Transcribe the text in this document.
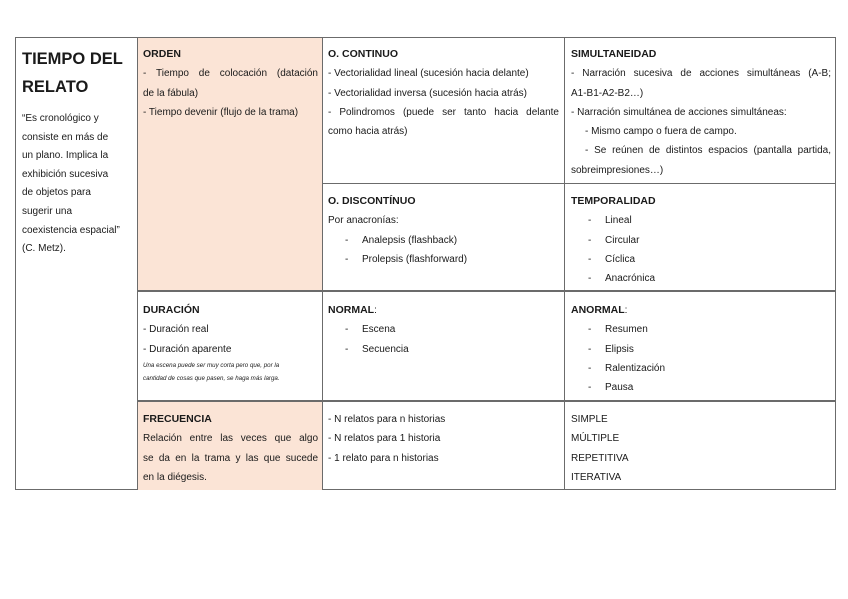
TIEMPO DEL
RELATO
“Es cronológico y
consiste en más de
un plano. Implica la
exhibición sucesiva
de objetos para
sugerir una
coexistencia espacial”
(C. Metz).
ORDEN
- Tiempo de colocación (datación
de la fábula)
- Tiempo devenir (flujo de la trama)
O. CONTINUO
- Vectorialidad lineal (sucesión hacia delante)
- Vectorialidad inversa (sucesión hacia atrás)
- Polindromos (puede ser tanto hacia delante
como hacia atrás)
SIMULTANEIDAD
- Narración sucesiva de acciones simultáneas (A-B;
A1-B1-A2-B2…)
- Narración simultánea de acciones simultáneas:
- Mismo campo o fuera de campo.
- Se reúnen de distintos espacios (pantalla partida,
sobreimpresiones…)
O. DISCONTÍNUO
Por anacronías:
- Analepsis (flashback)
- Prolepsis (flashforward)
TEMPORALIDAD
- Lineal
- Circular
- Cíclica
- Anacrónica
DURACIÓN
- Duración real
- Duración aparente
Una escena puede ser muy corta pero que, por la
cantidad de cosas que pasen, se haga más larga.
NORMAL:
- Escena
- Secuencia
ANORMAL:
- Resumen
- Elipsis
- Ralentización
- Pausa
FRECUENCIA
Relación entre las veces que algo
se da en la trama y las que sucede
en la diégesis.
- N relatos para n historias
- N relatos para 1 historia
- 1 relato para n historias
SIMPLE
MÚLTIPLE
REPETITIVA
ITERATIVA
